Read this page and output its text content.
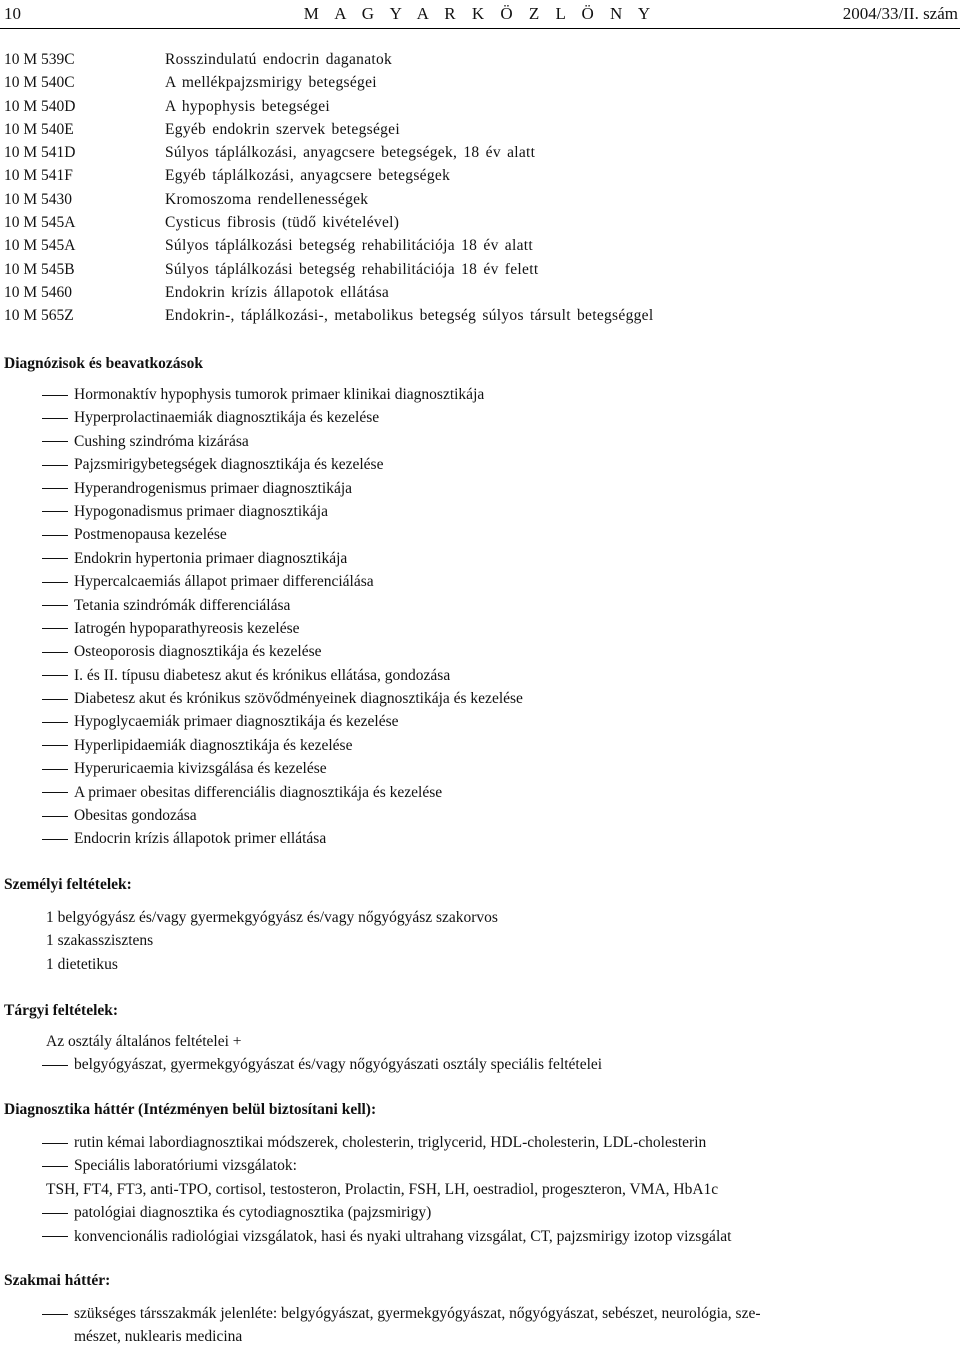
10	M A G Y A R K Ö Z L Ö N Y	2004/33/II. szám
10 M 539C	Rosszindulatú endocrin daganatok
10 M 540C	A mellékpajzsmirigy betegségei
10 M 540D	A hypophysis betegségei
10 M 540E	Egyéb endokrin szervek betegségei
10 M 541D	Súlyos táplálkozási, anyagcsere betegségek, 18 év alatt
10 M 541F	Egyéb táplálkozási, anyagcsere betegségek
10 M 5430	Kromoszoma rendellenességek
10 M 545A	Cysticus fibrosis (tüdő kivételével)
10 M 545A	Súlyos táplálkozási betegség rehabilitációja 18 év alatt
10 M 545B	Súlyos táplálkozási betegség rehabilitációja 18 év felett
10 M 5460	Endokrin krízis állapotok ellátása
10 M 565Z	Endokrin-, táplálkozási-, metabolikus betegség súlyos társult betegséggel
Diagnózisok és beavatkozások
Hormonaktív hypophysis tumorok primaer klinikai diagnosztikája
Hyperprolactinaemiák diagnosztikája és kezelése
Cushing szindróma kizárása
Pajzsmirigybetegségek diagnosztikája és kezelése
Hyperandrogenismus primaer diagnosztikája
Hypogonadismus primaer diagnosztikája
Postmenopausa kezelése
Endokrin hypertonia primaer diagnosztikája
Hypercalcaemiás állapot primaer differenciálása
Tetania szindrómák differenciálása
Iatrogén hypoparathyreosis kezelése
Osteoporosis diagnosztikája és kezelése
I. és II. típusu diabetesz akut és krónikus ellátása, gondozása
Diabetesz akut és krónikus szövődményeinek diagnosztikája és kezelése
Hypoglycaemiák primaer diagnosztikája és kezelése
Hyperlipidaemiák diagnosztikája és kezelése
Hyperuricaemia kivizsgálása és kezelése
A primaer obesitas differenciális diagnosztikája és kezelése
Obesitas gondozása
Endocrin krízis állapotok primer ellátása
Személyi feltételek:
1 belgyógyász és/vagy gyermekgyógyász és/vagy nőgyógyász szakorvos
1 szakasszisztens
1 dietetikus
Tárgyi feltételek:
Az osztály általános feltételei +
belgyógyászat, gyermekgyógyászat és/vagy nőgyógyászati osztály speciális feltételei
Diagnosztika háttér (Intézményen belül biztosítani kell):
rutin kémai labordiagnosztikai módszerek, cholesterin, triglycerid, HDL-cholesterin, LDL-cholesterin
Speciális laboratóriumi vizsgálatok:
TSH, FT4, FT3, anti-TPO, cortisol, testosteron, Prolactin, FSH, LH, oestradiol, progeszteron, VMA, HbA1c
patológiai diagnosztika és cytodiagnosztika (pajzsmirigy)
konvencionális radiológiai vizsgálatok, hasi és nyaki ultrahang vizsgálat, CT, pajzsmirigy izotop vizsgálat
Szakmai háttér:
szükséges társszakmák jelenléte: belgyógyászat, gyermekgyógyászat, nőgyógyászat, sebészet, neurológia, sze-
mészet, nuklearis medicina
